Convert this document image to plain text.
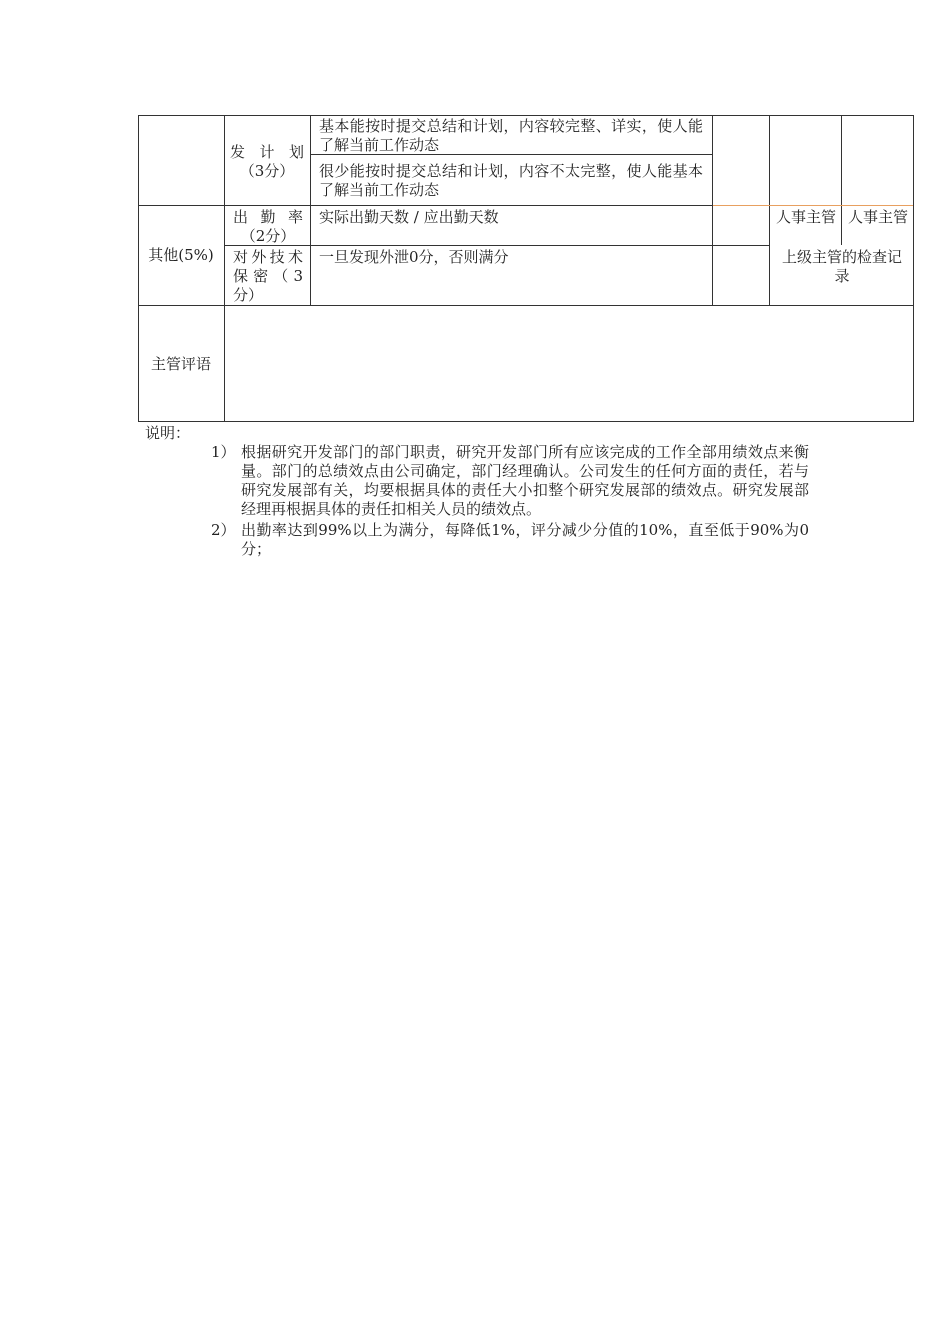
发 计 划
（3分）
基本能按时提交总结和计划，内容较完整、详实，使人能了解当前工作动态
很少能按时提交总结和计划，内容不太完整，使人能基本了解当前工作动态
其他(5%)
出 勤 率
（2分）
实际出勤天数 / 应出勤天数	人事主管 人事主管
对外技术
保密（3
分）
一旦发现外泄0分，否则满分	上级主管的检查记录
主管评语
说明：
1） 根据研究开发部门的部门职责，研究开发部门所有应该完成的工作全部用绩效点来衡量。部门的总绩效点由公司确定，部门经理确认。公司发生的任何方面的责任，若与研究发展部有关，均要根据具体的责任大小扣整个研究发展部的绩效点。研究发展部经理再根据具体的责任扣相关人员的绩效点。
2） 出勤率达到99%以上为满分，每降低1%，评分减少分值的10%，直至低于90%为0分；
